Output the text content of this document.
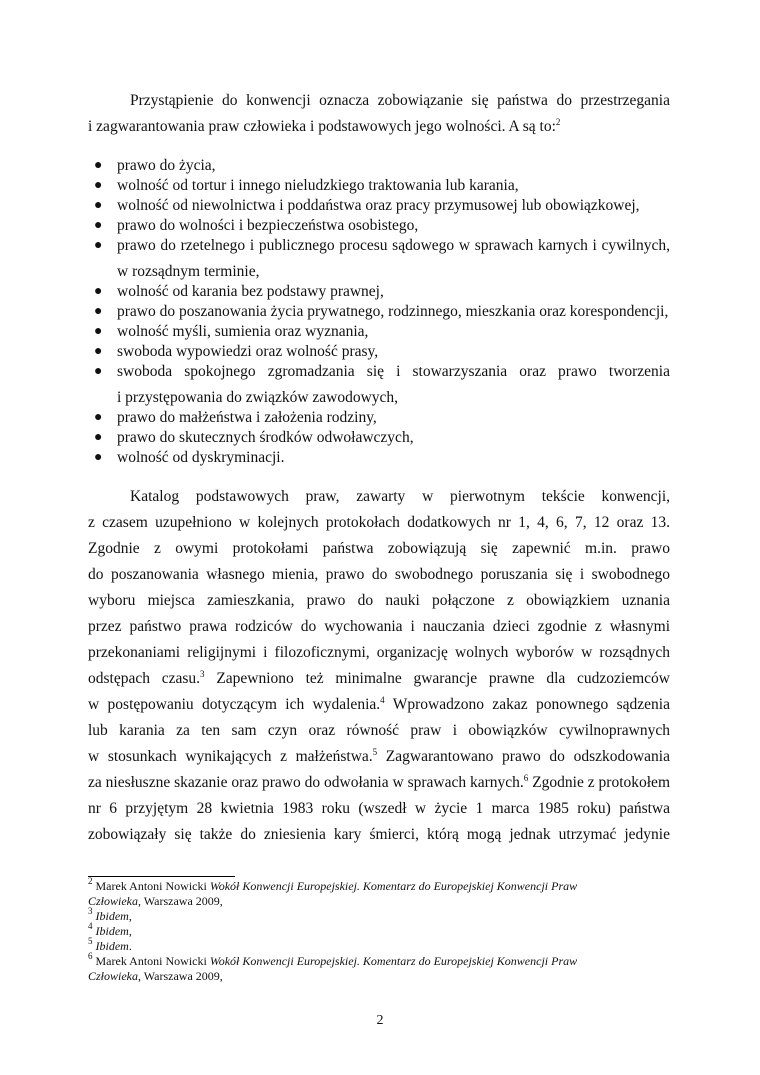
Przystąpienie do konwencji oznacza zobowiązanie się państwa do przestrzegania
i zagwarantowania praw człowieka i podstawowych jego wolności. A są to:$^2$
● prawo do życia,
● wolność od tortur i innego nieludzkiego traktowania lub karania,
● wolność od niewolnictwa i poddaństwa oraz pracy przymusowej lub obowiązkowej,
● prawo do wolności i bezpieczeństwa osobistego,
● prawo do rzetelnego i publicznego procesu sądowego w sprawach karnych i cywilnych,
w rozsądnym terminie,
● wolność od karania bez podstawy prawnej,
● prawo do poszanowania życia prywatnego, rodzinnego, mieszkania oraz korespondencji,
● wolność myśli, sumienia oraz wyznania,
● swoboda wypowiedzi oraz wolność prasy,
● swoboda spokojnego zgromadzania się i stowarzyszania oraz prawo tworzenia
i przystępowania do związków zawodowych,
● prawo do małżeństwa i założenia rodziny,
● prawo do skutecznych środków odwoławczych,
● wolność od dyskryminacji.
Katalog podstawowych praw, zawarty w pierwotnym tekście konwencji,
z czasem uzupełniono w kolejnych protokołach dodatkowych nr 1, 4, 6, 7, 12 oraz 13.
Zgodnie z owymi protokołami państwa zobowiązują się zapewnić m.in. prawo
do poszanowania własnego mienia, prawo do swobodnego poruszania się i swobodnego
wyboru miejsca zamieszkania, prawo do nauki połączone z obowiązkiem uznania
przez państwo prawa rodziców do wychowania i nauczania dzieci zgodnie z własnymi
przekonaniami religijnymi i filozoficznymi, organizację wolnych wyborów w rozsądnych
odstępach czasu.$^3$ Zapewniono też minimalne gwarancje prawne dla cudzoziemców
w postępowaniu dotyczącym ich wydalenia.$^4$ Wprowadzono zakaz ponownego sądzenia
lub karania za ten sam czyn oraz równość praw i obowiązków cywilnoprawnych
w stosunkach wynikających z małżeństwa.$^5$ Zagwarantowano prawo do odszkodowania
za niesłuszne skazanie oraz prawo do odwołania w sprawach karnych.$^6$ Zgodnie z protokołem
nr 6 przyjętym 28 kwietnia 1983 roku (wszedł w życie 1 marca 1985 roku) państwa
zobowiązały się także do zniesienia kary śmierci, którą mogą jednak utrzymać jedynie
$^2$ Marek Antoni Nowicki Wokół Konwencji Europejskiej. Komentarz do Europejskiej Konwencji Praw
Człowieka, Warszawa 2009,
$^3$ Ibidem,
$^4$ Ibidem,
$^5$ Ibidem.
$^6$ Marek Antoni Nowicki Wokół Konwencji Europejskiej. Komentarz do Europejskiej Konwencji Praw
Człowieka, Warszawa 2009,
2
